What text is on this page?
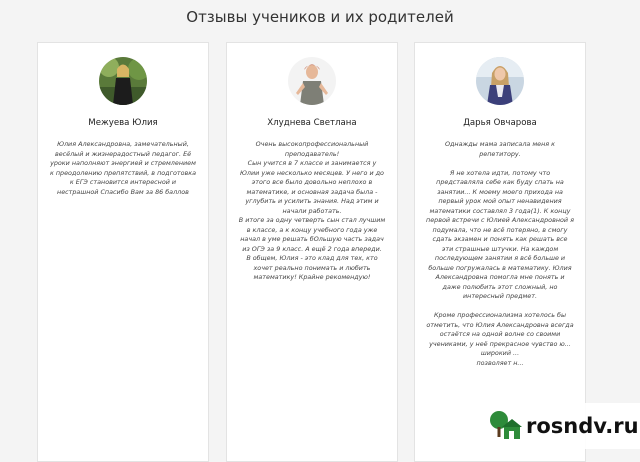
Отзывы учеников и их родителей
Межуева Юлия

Юлия Александровна, замечательный, весёлый и жизнерадостный педагог. Её уроки наполняют энергией и стремлением к преодолению препятствий, в подготовка к ЕГЭ становится интересной и нестрашной Спасибо Вам за 86 баллов

Хлуднева Светлана

Очень высокопрофессиональный преподаватель!

Сын учится в 7 классе и занимается у Юлии уже несколько месяцев. У него и до этого все было довольно неплохо в математике, и основная задача была - углубить и усилить знания. Над этим и начали работать.

В итоге за одну четверть сын стал лучшим в классе, а к концу учебного года уже начал в уме решать бОльшую часть задач из ОГЭ за 9 класс. А ещё 2 года впереди.

В общем, Юлия - это клад для тех, кто хочет реально понимать и любить математику! Крайне рекомендую!

Дарья Овчарова

Однажды мама записала меня к репетитору.

Я не хотела идти, потому что представляла себе как буду спать на занятии... К моему моего прихода на первый урок мой опыт ненавидения математики составлял 3 года(1). К концу первой встречи с Юлией Александровной я подумала, что не всё потеряно, в смогу сдать экзамен и понять как решать все эти страшные штучки. На каждом последующем занятии я всё больше и больше погружалась в математику. Юлия Александровна помогла мне понять и даже полюбить этот сложный, но интересный предмет.

Кроме профессионализма хотелось бы отметить, что Юлия Александровна всегда остаётся на одной волне со своими учениками, у неё прекрасное чувство ю...

широкий ...

позволяет н...

rosndv.ru
